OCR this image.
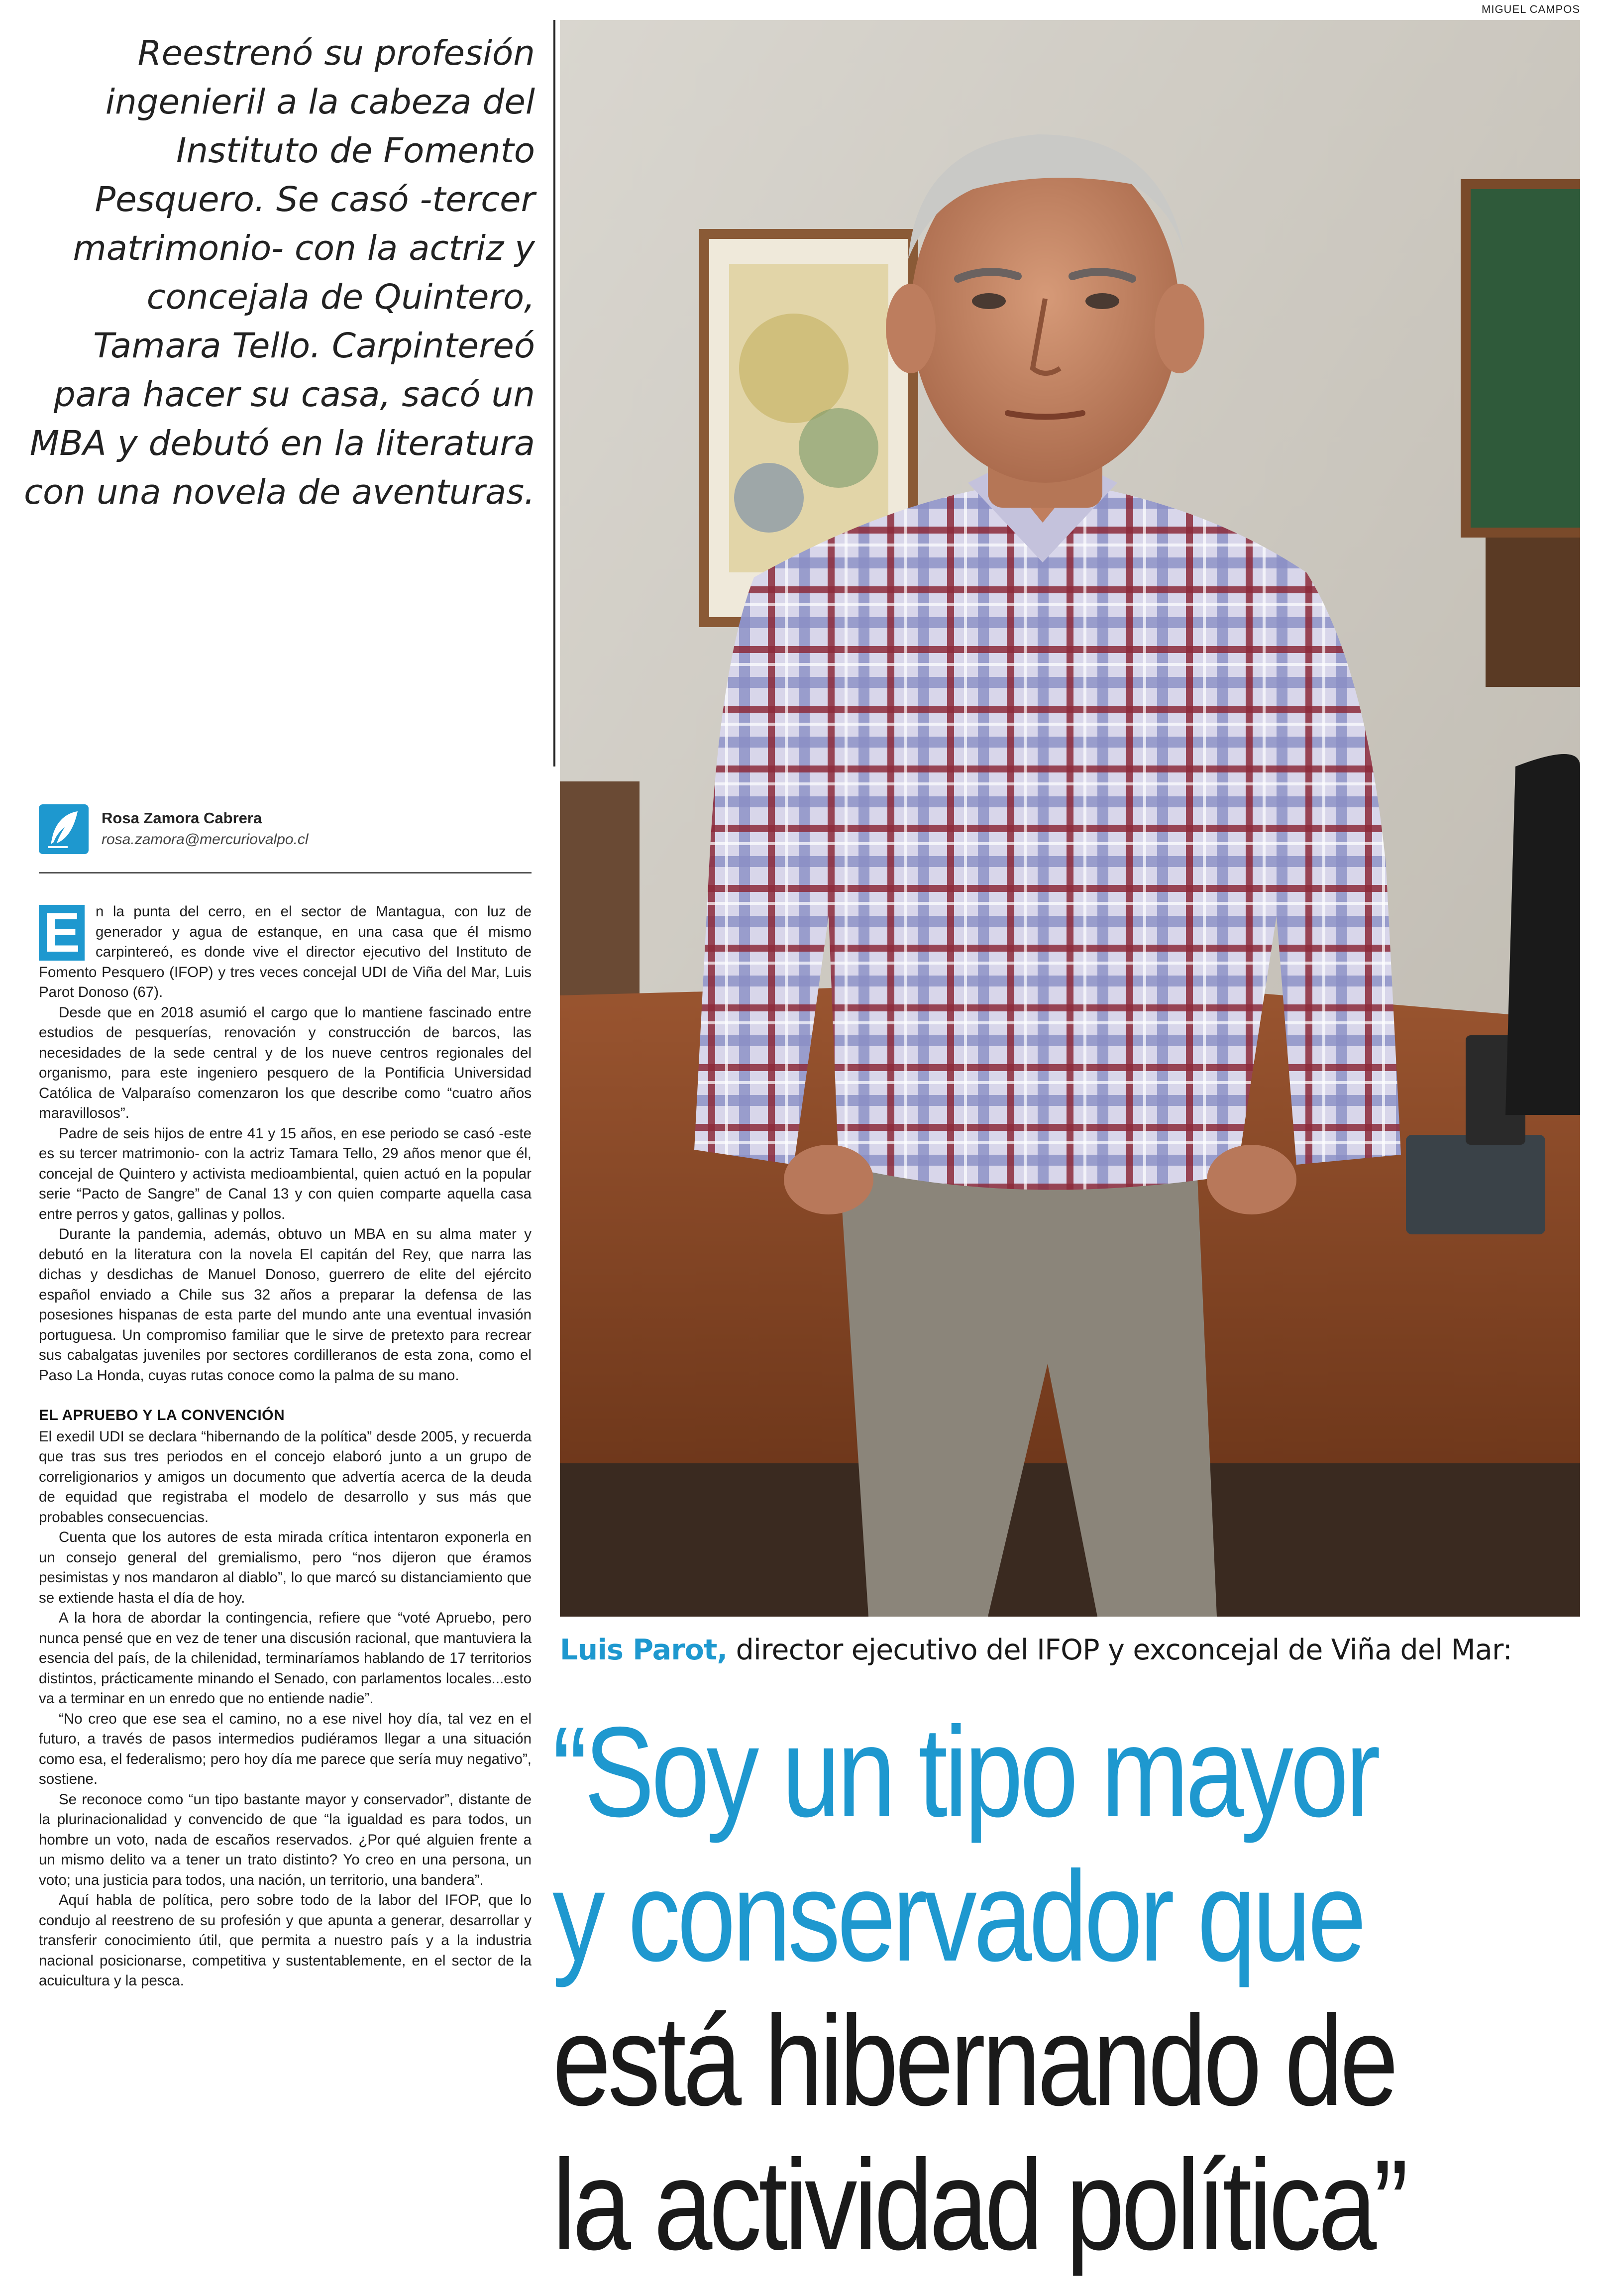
MIGUEL CAMPOS

Reestrenó su profesión ingenieril a la cabeza del Instituto de Fomento Pesquero. Se casó -tercer matrimonio- con la actriz y concejala de Quintero, Tamara Tello. Carpintereó para hacer su casa, sacó un MBA y debutó en la literatura con una novela de aventuras.

Rosa Zamora Cabrera
rosa.zamora@mercuriovalpo.cl

E n la punta del cerro, en el sector de Mantagua, con luz de generador y agua de estanque, en una casa que él mismo carpintereó, es donde vive el director ejecutivo del Instituto de Fomento Pesquero (IFOP) y tres veces concejal UDI de Viña del Mar, Luis Parot Donoso (67).

Desde que en 2018 asumió el cargo que lo mantiene fascinado entre estudios de pesquerías, renovación y construcción de barcos, las necesidades de la sede central y de los nueve centros regionales del organismo, para este ingeniero pesquero de la Pontificia Universidad Católica de Valparaíso comenzaron los que describe como “cuatro años maravillosos”.

Padre de seis hijos de entre 41 y 15 años, en ese periodo se casó -este es su tercer matrimonio- con la actriz Tamara Tello, 29 años menor que él, concejal de Quintero y activista medioambiental, quien actuó en la popular serie “Pacto de Sangre” de Canal 13 y con quien comparte aquella casa entre perros y gatos, gallinas y pollos.

Durante la pandemia, además, obtuvo un MBA en su alma mater y debutó en la literatura con la novela El capitán del Rey, que narra las dichas y desdichas de Manuel Donoso, guerrero de elite del ejército español enviado a Chile sus 32 años a preparar la defensa de las posesiones hispanas de esta parte del mundo ante una eventual invasión portuguesa. Un compromiso familiar que le sirve de pretexto para recrear sus cabalgatas juveniles por sectores cordilleranos de esta zona, como el Paso La Honda, cuyas rutas conoce como la palma de su mano.

EL APRUEBO Y LA CONVENCIÓN

El exedil UDI se declara “hibernando de la política” desde 2005, y recuerda que tras sus tres periodos en el concejo elaboró junto a un grupo de correligionarios y amigos un documento que advertía acerca de la deuda de equidad que registraba el modelo de desarrollo y sus más que probables consecuencias.

Cuenta que los autores de esta mirada crítica intentaron exponerla en un consejo general del gremialismo, pero “nos dijeron que éramos pesimistas y nos mandaron al diablo”, lo que marcó su distanciamiento que se extiende hasta el día de hoy.

A la hora de abordar la contingencia, refiere que “voté Apruebo, pero nunca pensé que en vez de tener una discusión racional, que mantuviera la esencia del país, de la chilenidad, terminaríamos hablando de 17 territorios distintos, prácticamente minando el Senado, con parlamentos locales...esto va a terminar en un enredo que no entiende nadie”.

“No creo que ese sea el camino, no a ese nivel hoy día, tal vez en el futuro, a través de pasos intermedios pudiéramos llegar a una situación como esa, el federalismo; pero hoy día me parece que sería muy negativo”, sostiene.

Se reconoce como “un tipo bastante mayor y conservador”, distante de la plurinacionalidad y convencido de que “la igualdad es para todos, un hombre un voto, nada de escaños reservados. ¿Por qué alguien frente a un mismo delito va a tener un trato distinto? Yo creo en una persona, un voto; una justicia para todos, una nación, un territorio, una bandera”.

Aquí habla de política, pero sobre todo de la labor del IFOP, que lo condujo al reestreno de su profesión y que apunta a generar, desarrollar y transferir conocimiento útil, que permita a nuestro país y a la industria nacional posicionarse, competitiva y sustentablemente, en el sector de la acuicultura y la pesca.

Luis Parot, director ejecutivo del IFOP y exconcejal de Viña del Mar:
“Soy un tipo mayor
y conservador que
está hibernando de
la actividad política”
